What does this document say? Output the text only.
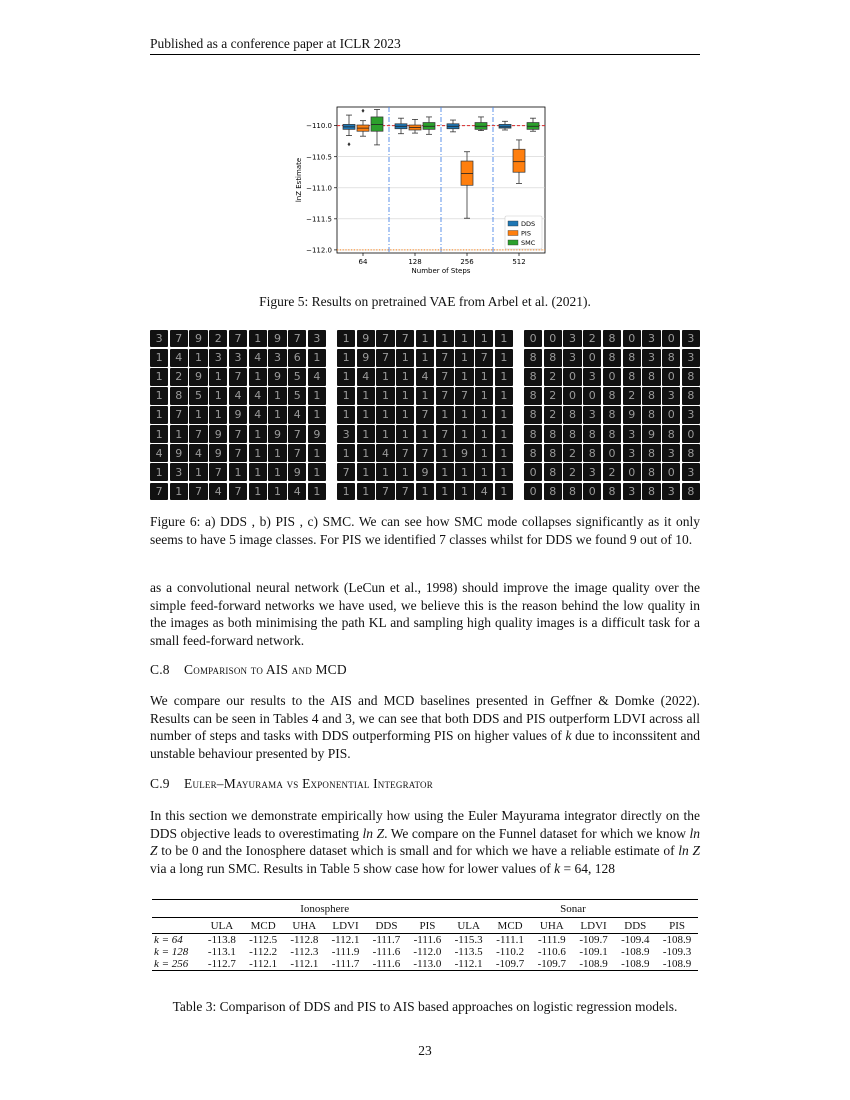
Published as a conference paper at ICLR 2023
−110.0
−110.5
−111.0
−111.5
−112.0
64	128	256	512
Number of Steps
lnZ Estimate
DDS
PIS
SMC
Figure 5: Results on pretrained VAE from Arbel et al. (2021).
3	7	9	2	7	1	9	7	3
1	4	1	3	3	4	3	6	1
1	2	9	1	7	1	9	5	4
1	8	5	1	4	4	1	5	1
1	7	1	1	9	4	1	4	1
1	1	7	9	7	1	9	7	9
4	9	4	9	7	1	1	7	1
1	3	1	7	1	1	1	9	1
7	1	7	4	7	1	1	4	1
1	9	7	7	1	1	1	1	1
1	9	7	1	1	7	1	7	1
1	4	1	1	4	7	1	1	1
1	1	1	1	1	7	7	1	1
1	1	1	1	7	1	1	1	1
3	1	1	1	1	7	1	1	1
1	1	4	7	7	1	9	1	1
7	1	1	1	9	1	1	1	1
1	1	7	7	1	1	1	4	1
0	0	3	2	8	0	3	0	3
8	8	3	0	8	8	3	8	3
8	2	0	3	0	8	8	0	8
8	2	0	0	8	2	8	3	8
8	2	8	3	8	9	8	0	3
8	8	8	8	8	3	9	8	0
8	8	2	8	0	3	8	3	8
0	8	2	3	2	0	8	0	3
0	8	8	0	8	3	8	3	8
Figure 6: a) DDS , b) PIS , c) SMC. We can see how SMC mode collapses significantly as it only seems to have 5 image classes. For PIS we identified 7 classes whilst for DDS we found 9 out of 10.
as a convolutional neural network (LeCun et al., 1998) should improve the image quality over the simple feed-forward networks we have used, we believe this is the reason behind the low quality in the images as both minimising the path KL and sampling high quality images is a difficult task for a small feed-forward network.
C.8 Comparison to AIS and MCD
We compare our results to the AIS and MCD baselines presented in Geffner & Domke (2022). Results can be seen in Tables 4 and 3, we can see that both DDS and PIS outperform LDVI across all number of steps and tasks with DDS outperforming PIS on higher values of k due to inconssitent and unstable behaviour presented by PIS.
C.9 Euler–Mayurama vs Exponential Integrator
In this section we demonstrate empirically how using the Euler Mayurama integrator directly on the DDS objective leads to overestimating ln Z. We compare on the Funnel dataset for which we know ln Z to be 0 and the Ionosphere dataset which is small and for which we have a reliable estimate of ln Z via a long run SMC. Results in Table 5 show case how for lower values of k = 64, 128
	Ionosphere						Sonar					
	ULA	MCD	UHA	LDVI	DDS	PIS	ULA	MCD	UHA	LDVI	DDS	PIS
k = 64	-113.8	-112.5	-112.8	-112.1	-111.7	-111.6	-115.3	-111.1	-111.9	-109.7	-109.4	-108.9
k = 128	-113.1	-112.2	-112.3	-111.9	-111.6	-112.0	-113.5	-110.2	-110.6	-109.1	-108.9	-109.3
k = 256	-112.7	-112.1	-112.1	-111.7	-111.6	-113.0	-112.1	-109.7	-109.7	-108.9	-108.9	-108.9
Table 3: Comparison of DDS and PIS to AIS based approaches on logistic regression models.
23
